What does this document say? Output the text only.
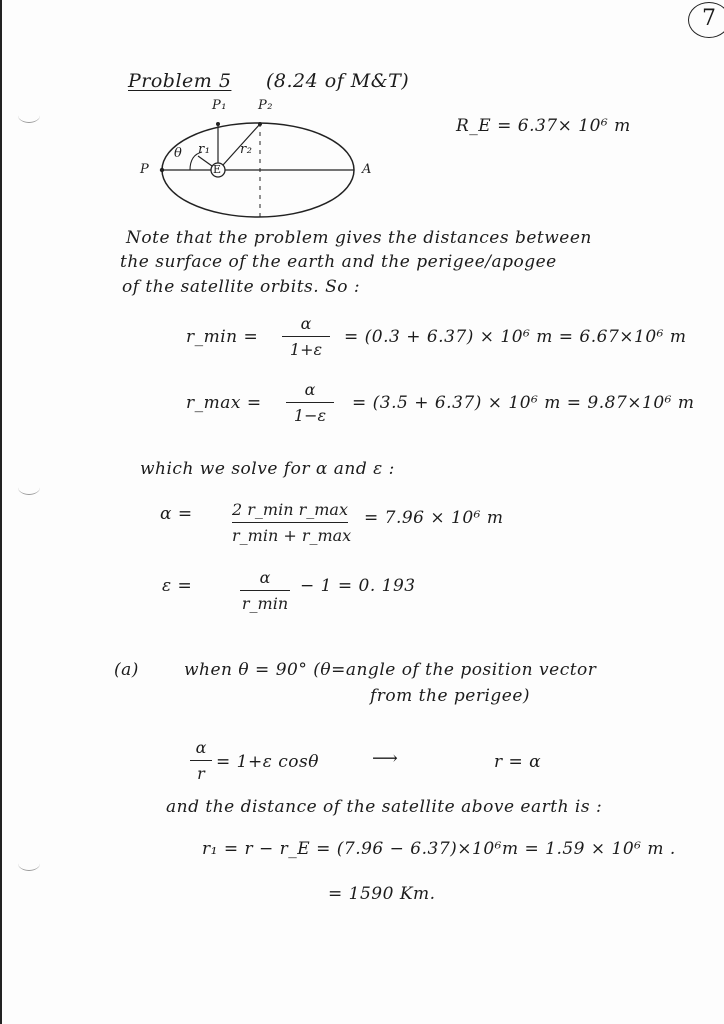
7
Problem 5 (8.24 of M&T)
P₁ P₂
P	A
E
θ r₁ r₂
R_E = 6.37× 10⁶ m
Note that the problem gives the distances between
the surface of the earth and the perigee/apogee
of the satellite orbits. So :
r_min =
α
1+ε
= (0.3 + 6.37) × 10⁶ m = 6.67×10⁶ m
r_max =
α
1−ε
= (3.5 + 6.37) × 10⁶ m = 9.87×10⁶ m
which we solve for α and ε :
α = 2 r_min r_max
r_min + r_max
= 7.96 × 10⁶ m
ε =	α
r_min
− 1 = 0. 193
(a)	when θ = 90° (θ=angle of the position vector
from the perigee)
α
r
= 1+ε cosθ	⟶	r = α
and the distance of the satellite above earth is :
r₁ = r − r_E = (7.96 − 6.37)×10⁶m = 1.59 × 10⁶ m .
= 1590 Km.
